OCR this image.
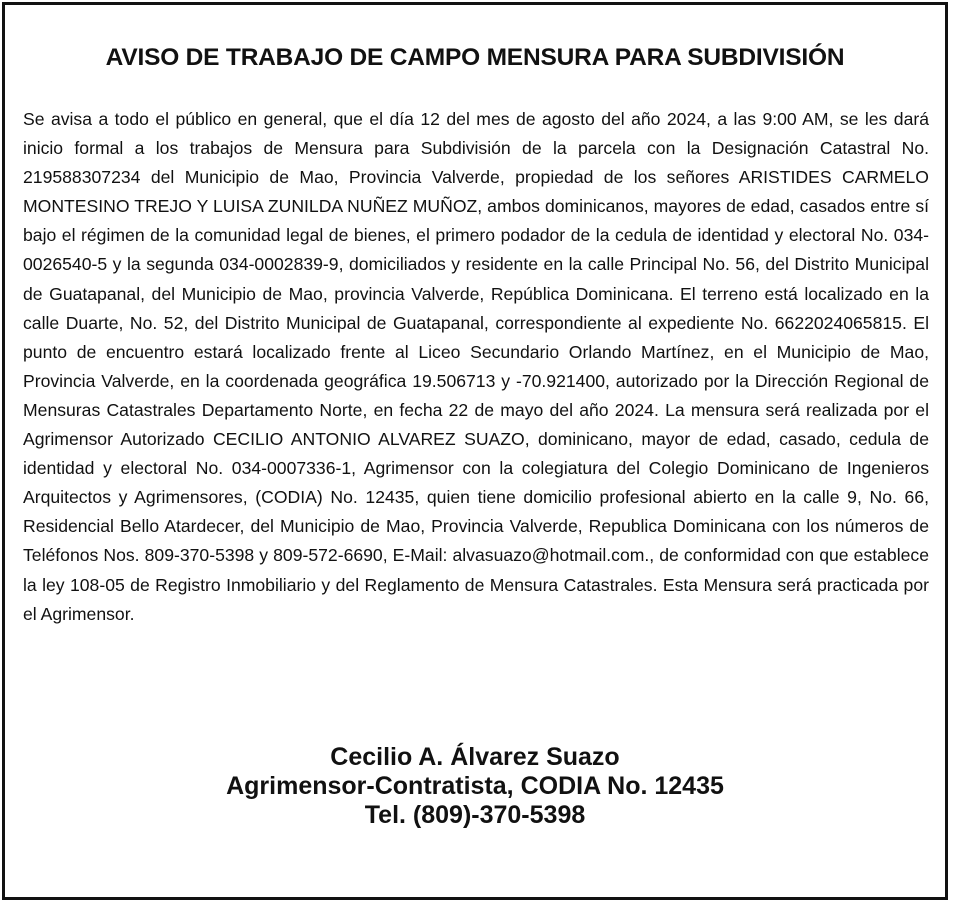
AVISO DE TRABAJO DE CAMPO MENSURA PARA SUBDIVISIÓN

Se avisa a todo el público en general, que el día 12 del mes de agosto del año 2024, a las 9:00 AM, se les dará inicio formal a los trabajos de Mensura para Subdivisión de la parcela con la Designación Catastral No. 219588307234 del Municipio de Mao, Provincia Valverde, propiedad de los señores ARISTIDES CARMELO MONTESINO TREJO Y LUISA ZUNILDA NUÑEZ MUÑOZ, ambos dominicanos, mayores de edad, casados entre sí bajo el régimen de la comunidad legal de bienes, el primero podador de la cedula de identidad y electoral No. 034-0026540-5 y la segunda 034-0002839-9, domiciliados y residente en la calle Principal No. 56, del Distrito Municipal de Guatapanal, del Municipio de Mao, provincia Valverde, República Dominicana. El terreno está localizado en la calle Duarte, No. 52, del Distrito Municipal de Guatapanal, correspondiente al expediente No. 6622024065815. El punto de encuentro estará localizado frente al Liceo Secundario Orlando Martínez, en el Municipio de Mao, Provincia Valverde, en la coordenada geográfica 19.506713 y -70.921400, autorizado por la Dirección Regional de Mensuras Catastrales Departamento Norte, en fecha 22 de mayo del año 2024. La mensura será realizada por el Agrimensor Autorizado CECILIO ANTONIO ALVAREZ SUAZO, dominicano, mayor de edad, casado, cedula de identidad y electoral No. 034-0007336-1, Agrimensor con la colegiatura del Colegio Dominicano de Ingenieros Arquitectos y Agrimensores, (CODIA) No. 12435, quien tiene domicilio profesional abierto en la calle 9, No. 66, Residencial Bello Atardecer, del Municipio de Mao, Provincia Valverde, Republica Dominicana con los números de Teléfonos Nos. 809-370-5398 y 809-572-6690, E-Mail: alvasuazo@hotmail.com., de conformidad con que establece la ley 108-05 de Registro Inmobiliario y del Reglamento de Mensura Catastrales. Esta Mensura será practicada por el Agrimensor.

Cecilio A. Álvarez Suazo
Agrimensor-Contratista, CODIA No. 12435
Tel. (809)-370-5398
